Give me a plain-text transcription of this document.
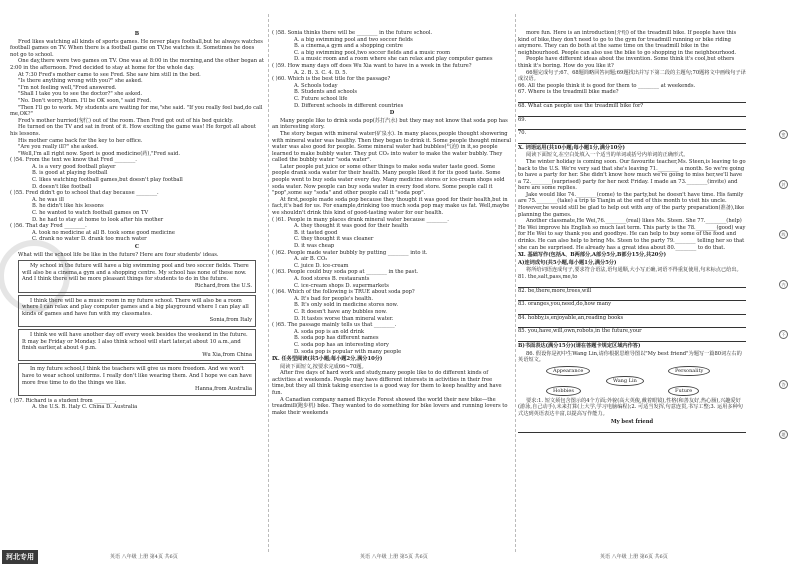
B

Fred likes watching all kinds of sports games. He never plays football,but he always watches football games on TV. When there is a football game on TV,he watches it. Sometimes he does not go to school.

One day,there were two games on TV. One was at 8:00 in the morning,and the other began at 2:00 in the afternoon. Fred decided to stay at home for the whole day.

At 7:30 Fred's mother came to see Fred. She saw him still in the bed.

"Is there anything wrong with you?" she asked.

"I'm not feeling well,"Fred answered.

"Shall I take you to see the doctor?" she asked.

"No. Don't worry,Mum. I'll be OK soon," said Fred.

"Then I'll go to work. My students are waiting for me,"she said. "If you really feel bad,do call me,OK?"

Fred's mother hurried(匆忙) out of the room. Then Fred got out of his bed quickly.

He turned on the TV and sat in front of it. How exciting the game was! He forgot all about his lessons.

His mother came back for the key to her office.

"Are you really ill?" she asked.

"Well,I'm all right now. Sport is good medicine(药),"Fred said.

( )54. From the text we know that Fred ________.

A. is a very good football player

B. is good at playing football

C. likes watching football games,but doesn't play football

D. doesn't like football

( )55. Fred didn't go to school that day because ________.

A. he was ill

B. he didn't like his lessons

C. he wanted to watch football games on TV

D. he had to stay at home to look after his mother

( )56. That day Fred ________.

A. took no medicine at all B. took some good medicine

C. drank no water D. drank too much water

C

What will the school life be like in the future? Here are four students' ideas.

My school in the future will have a big swimming pool and two soccer fields. There will also be a cinema,a gym and a shopping centre. My school has none of these now. And I think there will be more pleasant things for students to do in the future.

Richard,from the U.S.

I think there will be a music room in my future school. There will also be a room where I can relax and play computer games and a big playground where I can play all kinds of games and have fun with my classmates.

Sonia,from Italy

I think we will have another day off every week besides the weekend in the future. It may be Friday or Monday. I also think school will start later,at about 10 a.m.,and finish earlier,at about 4 p.m.

Wu Xia,from China

In my future school,I think the teachers will give us more freedom. And we won't have to wear school uniforms. I really don't like wearing them. And I hope we can have more free time to do the things we like.

Hanna,from Australia

( )57. Richard is a student from ________.

A. the U.S. B. Italy C. China D. Australia

( )58. Sonia thinks there will be ________ in the future school.

A. a big swimming pool and two soccer fields

B. a cinema,a gym and a shopping centre

C. a big swimming pool,two soccer fields and a music room

D. a music room and a room where she can relax and play computer games

( )59. How many days off does Wu Xia want to have in a week in the future?

A. 2. B. 3. C. 4. D. 5.

( )60. Which is the best title for the passage?

A. Schools today

B. Students and schools

C. Future school life

D. Different schools in different countries

D

Many people like to drink soda pop(苏打汽水) but they may not know that soda pop has an interesting story.

The story began with mineral water(矿泉水). In many places,people thought showering with mineral water was healthy. Then they began to drink it. Some people thought mineral water was also good for people. Some mineral water had bubbles(气泡) in it,so people learned to make bubbly water. They put CO₂ into water to make the water bubbly. They called the bubbly water "soda water".

Later people put juice or some other things to make soda water taste good. Some people drank soda water for their health. Many people liked it for its good taste. Some people went to buy soda water every day. Many medicine stores or ice-cream shops sold soda water. Now people can buy soda water in every food store. Some people call it "pop",some say "soda" and other people call it "soda pop".

At first,people made soda pop because they thought it was good for their health,but in fact,it's bad for us. For example,drinking too much soda pop may make us fat. Well,maybe we shouldn't drink this kind of good-tasting water for our health.

( )61. People in many places drank mineral water because ________.

A. they thought it was good for their health

B. it tasted good

C. they thought it was cleaner

D. it was cheap

( )62. People made water bubbly by putting ________ into it.

A. air B. CO₂

C. juice D. ice-cream

( )63. People could buy soda pop at ________ in the past.

A. food stores B. restaurants

C. ice-cream shops D. supermarkets

( )64. Which of the following is TRUE about soda pop?

A. It's bad for people's health.

B. It's only sold in medicine stores now.

C. It doesn't have any bubbles now.

D. It tastes worse than mineral water.

( )65. The passage mainly tells us that ________.

A. soda pop is an old drink

B. soda pop has different names

C. soda pop has an interesting story

D. soda pop is popular with many people

Ⅸ. 任务型阅读(共5小题;每小题2分,满分10分)

阅读下面短文,按要求完成66~70题。

After five days of hard work and study,many people like to do different kinds of activities at weekends. People may have different interests in activities in their free time,but they all think taking exercise is a good way for them to keep healthy and have fun.

A Canadian company named Bicycle Forest showed the world their new bike—the treadmill(跑步机) bike. They wanted to do something for bike lovers and running lovers to make their weekends

more fun. Here is an introduction(介绍) of the treadmill bike. If people have this kind of bike,they don't need to go to the gym for treadmill running or bike riding anymore. They can do both at the same time on the treadmill bike in the neighbourhood. People can also use the bike to go shopping in the neighbourhood.

People have different ideas about the invention. Some think it's cool,but others think it's boring. How do you like it?

66题完成句子;67、68题简略回答问题;69题找出并写下第二段的主题句;70题将文中画线句子译成汉语。

66. All the people think it is good for them to ________ at weekends.

67. Where is the treadmill bike made?

68. What can people use the treadmill bike for?

69.

70.

Ⅹ. 词语运用(共10小题;每小题1分,满分10分)

阅读下面短文,在空白处填入一个适当的单词或括号内单词的正确形式。

The winter holiday is coming soon. Our favourite teacher,Ms. Steen,is leaving to go back to the U.S. We're very sad that she's leaving 71.________ a month. So we're going to have a party for her. She didn't know how much we're going to miss her,we'll have a 72.________(surprised) party for her next Friday. I made an 73.________(invite) and here are some replies.

Jake would like 74.________(come) to the party,but he doesn't have time. His family are 75.________(take) a trip to Tianjin at the end of this month to visit his uncle. However,he would still be glad to help out with any of the party preparation(准备),like planning the games.

Another classmate,He Wei,76.________(real) likes Ms. Steen. She 77.________(help) He Wei improve his English so much last term. This party is the 78.________(good) way for He Wei to say thank you and goodbye. He can help to buy some of the food and drinks. He can also help to bring Ms. Steen to the party 79.________ telling her so that she can be surprised. He already has a great idea about 80.________ to do that.

Ⅺ. 基础写作(包括A、B两部分,A部分5分,B部分15分,共20分)
A)连词成句(共5小题,每小题1分,满分5分)

将所给词语连成句子,要求符合语法,语句通顺,大小写正确,词语不得重复使用,句末标点已给出。

81. the,salt,pass,me,to

82. be,there,more,trees,will

83. oranges,you,need,do,how many

84. hobby,is,enjoyable,an,reading books

85. you,have,will,own,robots,in the future,your

B)书面表达(满分15分)(请在答题卡规定区域内作答)

86. 假设你是初中生Wang Lin,请你根据思维导图以"My best friend"为题写一篇80词左右的英语短文。

Appearance	Personality
Wang Lin
Hobbies	Future

要求:1. 短文须包含图示的4个方面;外貌(高大英俊,戴着眼镜),性格(和善友好,热心肠),兴趣爱好(游泳,自己动手),未来打算(上大学,学习电脑编程);2. 可适当发挥,句意连贯,书写工整;3. 运用多种句式达到英语表达丰富,以提高写作能力。

My best friend
英语 八年级 上册 第4页 共6页	英语 八年级 上册 第5页 共6页	英语 八年级 上册 第6页 共6页
河北专用
密
封
线
内
不
答
题
